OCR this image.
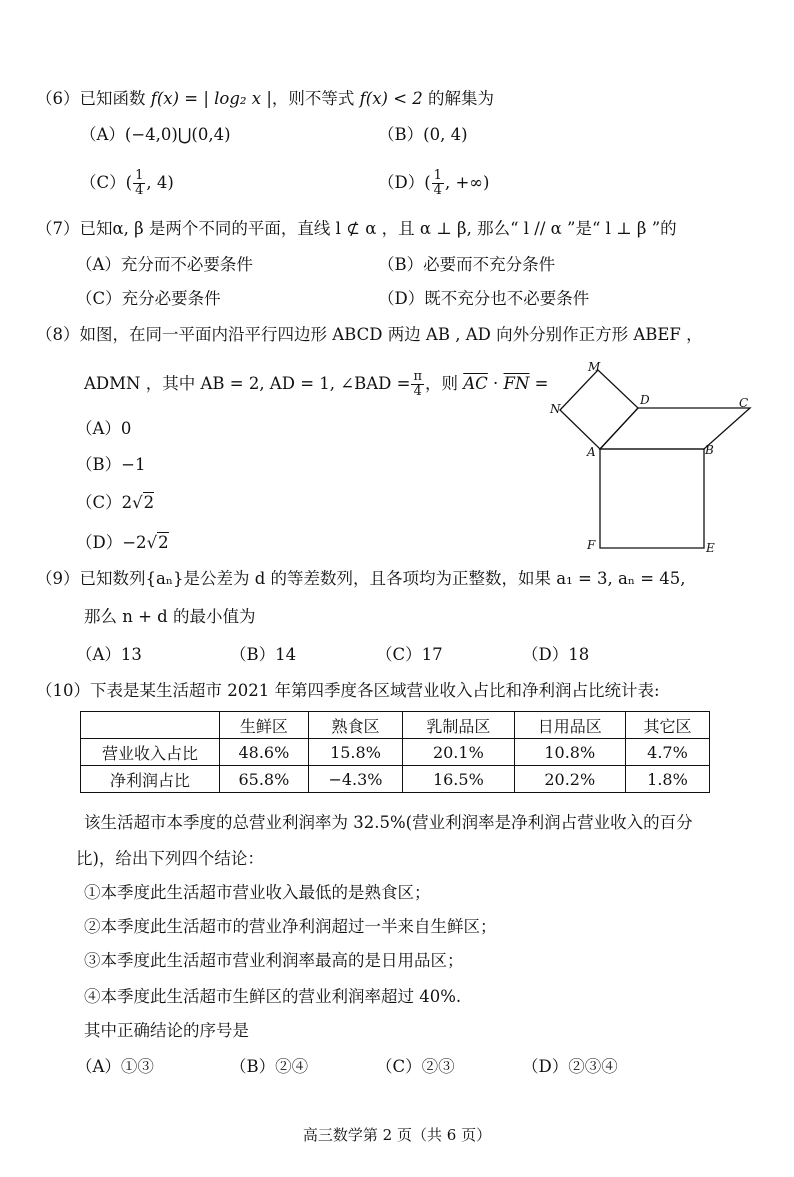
（6）已知函数 f(x) = | log₂ x |，则不等式 f(x) < 2 的解集为
（A）(−4,0)⋃(0,4)	（B）(0, 4)
$(C)( \frac{1}{4}$ , 4)	$(D)( \frac{1}{4}$ , +∞)
（7）已知α, β 是两个不同的平面，直线 l ⊄ α ，且 α ⊥ β, 那么“ l // α ”是“ l ⊥ β ”的
（A）充分而不必要条件	（B）必要而不充分条件
（C）充分必要条件	（D）既不充分也不必要条件
（8）如图，在同一平面内沿平行四边形 ABCD 两边 AB , AD 向外分别作正方形 ABEF ，
ADMN ，其中 AB = 2, AD = 1, ∠BAD = $\frac{\pi}{4}$ ，则 $\overline{AC} \cdot \overline{FN}$ =
（A）0
（B）−1
（C）2√2
（D）−2√2
M
D	C
N
A	B
F	E
（9）已知数列{aₙ}是公差为 d 的等差数列，且各项均为正整数，如果 a₁ = 3, aₙ = 45,
那么 n + d 的最小值为
（A）13	（B）14	（C）17	（D）18
（10）下表是某生活超市 2021 年第四季度各区域营业收入占比和净利润占比统计表:
	生鲜区	熟食区	乳制品区	日用品区	其它区
营业收入占比	48.6%	15.8%	20.1%	10.8%	4.7%
净利润占比	65.8%	−4.3%	16.5%	20.2%	1.8%
该生活超市本季度的总营业利润率为 32.5%(营业利润率是净利润占营业收入的百分
比)，给出下列四个结论：
①本季度此生活超市营业收入最低的是熟食区；
②本季度此生活超市的营业净利润超过一半来自生鲜区；
③本季度此生活超市营业利润率最高的是日用品区；
④本季度此生活超市生鲜区的营业利润率超过 40%.
其中正确结论的序号是
（A）①③	（B）②④	（C）②③	（D）②③④
高三数学第 2 页（共 6 页）
